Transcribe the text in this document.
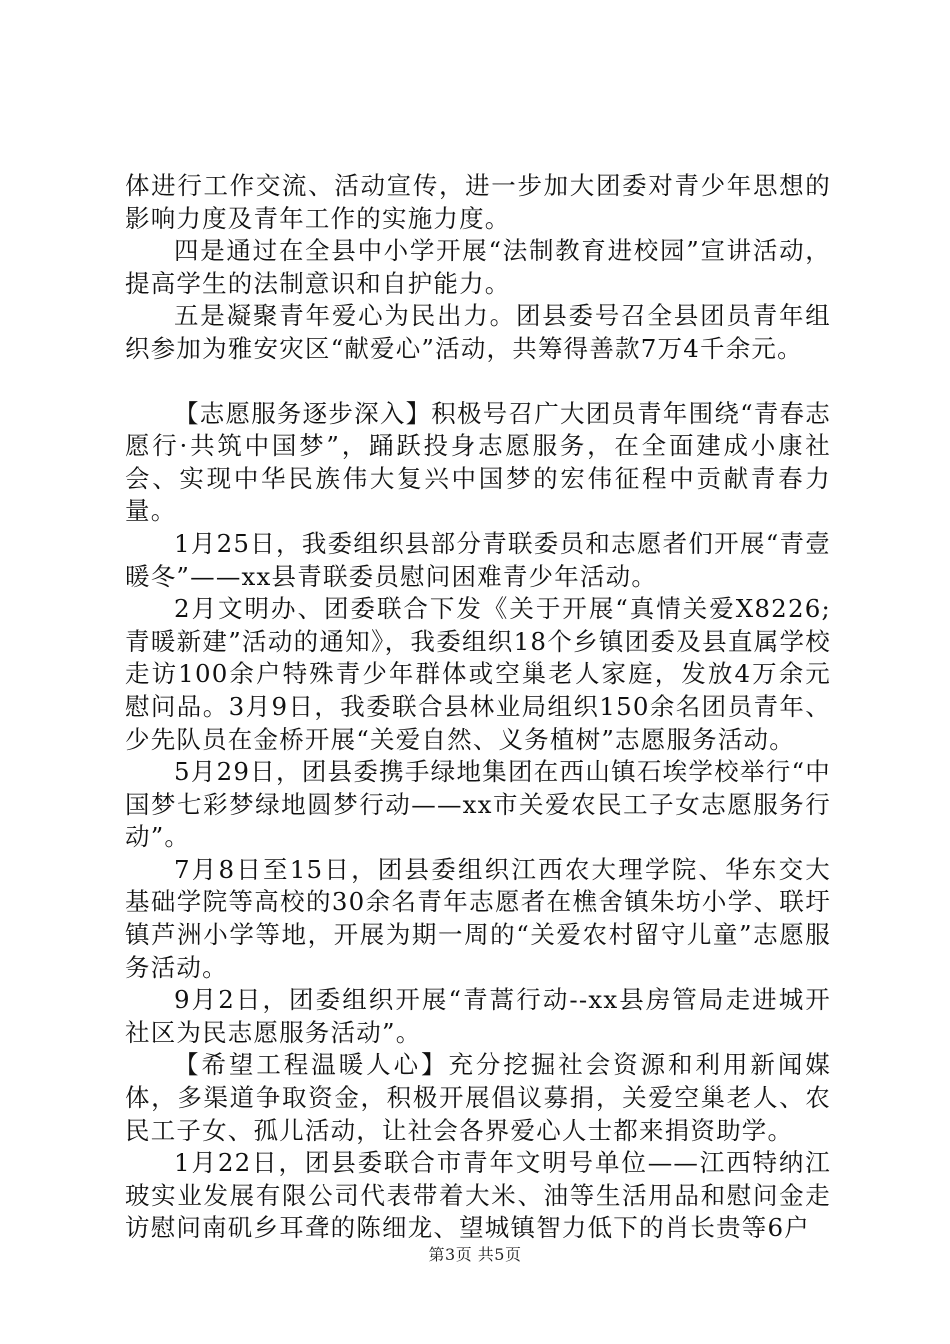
体进行工作交流、活动宣传，进一步加大团委对青少年思想的影响力度及青年工作的实施力度。

四是通过在全县中小学开展“法制教育进校园”宣讲活动，提高学生的法制意识和自护能力。

五是凝聚青年爱心为民出力。团县委号召全县团员青年组织参加为雅安灾区“献爱心”活动，共筹得善款7万4千余元。

【志愿服务逐步深入】积极号召广大团员青年围绕“青春志愿行·共筑中国梦”，踊跃投身志愿服务，在全面建成小康社会、实现中华民族伟大复兴中国梦的宏伟征程中贡献青春力量。

1月25日，我委组织县部分青联委员和志愿者们开展“青壹暖冬”——xx县青联委员慰问困难青少年活动。

2月文明办、团委联合下发《关于开展“真情关爱X8226;青暖新建”活动的通知》，我委组织18个乡镇团委及县直属学校走访100余户特殊青少年群体或空巢老人家庭，发放4万余元慰问品。3月9日，我委联合县林业局组织150余名团员青年、少先队员在金桥开展“关爱自然、义务植树”志愿服务活动。

5月29日，团县委携手绿地集团在西山镇石埃学校举行“中国梦七彩梦绿地圆梦行动——xx市关爱农民工子女志愿服务行动”。

7月8日至15日，团县委组织江西农大理学院、华东交大基础学院等高校的30余名青年志愿者在樵舍镇朱坊小学、联圩镇芦洲小学等地，开展为期一周的“关爱农村留守儿童”志愿服务活动。

9月2日，团委组织开展“青蒿行动--xx县房管局走进城开社区为民志愿服务活动”。

【希望工程温暖人心】充分挖掘社会资源和利用新闻媒体，多渠道争取资金，积极开展倡议募捐，关爱空巢老人、农民工子女、孤儿活动，让社会各界爱心人士都来捐资助学。

1月22日，团县委联合市青年文明号单位——江西特纳江玻实业发展有限公司代表带着大米、油等生活用品和慰问金走访慰问南矶乡耳聋的陈细龙、望城镇智力低下的肖长贵等6户

第3页 共5页
